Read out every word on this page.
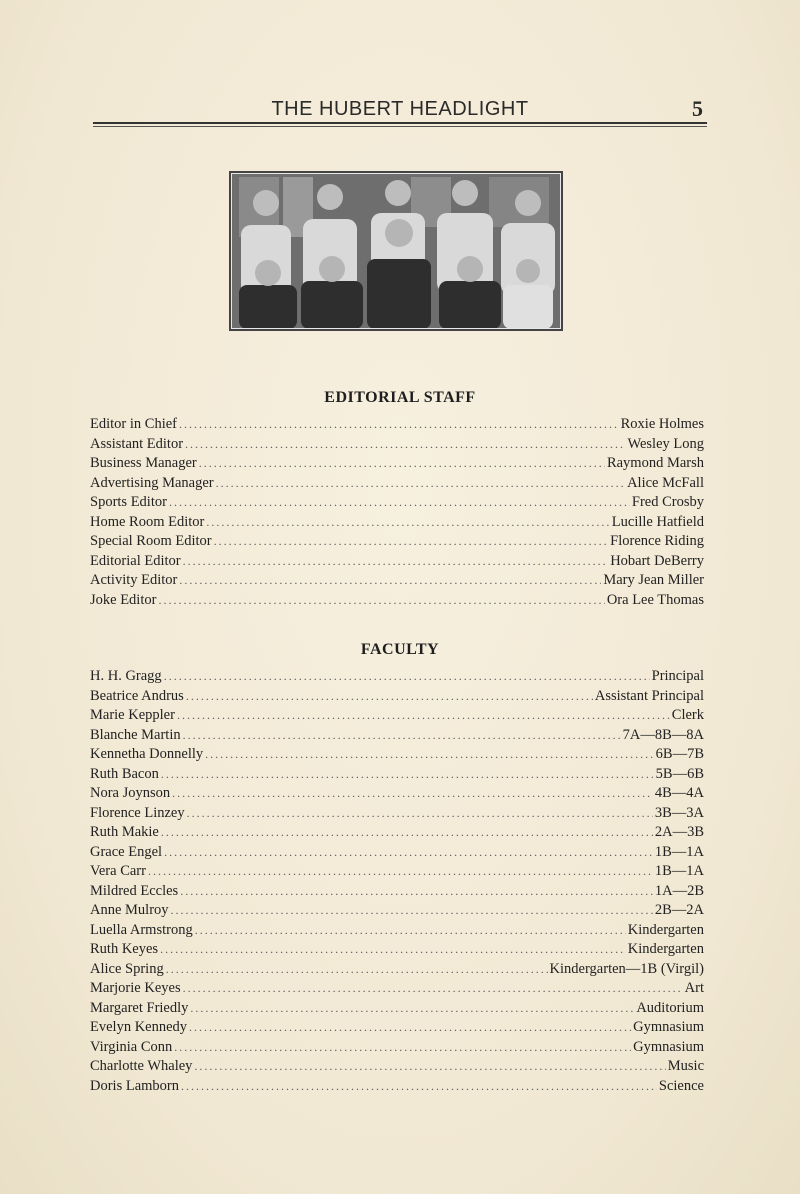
THE HUBERT HEADLIGHT	5
EDITORIAL STAFF
Editor in Chief .....	Roxie Holmes
Assistant Editor .....	Wesley Long
Business Manager .....	Raymond Marsh
Advertising Manager .....	Alice McFall
Sports Editor .....	Fred Crosby
Home Room Editor .....	Lucille Hatfield
Special Room Editor .....	Florence Riding
Editorial Editor .....	Hobart DeBerry
Activity Editor .....	Mary Jean Miller
Joke Editor .....	Ora Lee Thomas
FACULTY
H. H. Gragg .....	Principal
Beatrice Andrus .....	Assistant Principal
Marie Keppler .....	Clerk
Blanche Martin .....	7A—8B—8A
Kennetha Donnelly .....	6B—7B
Ruth Bacon .....	5B—6B
Nora Joynson .....	4B—4A
Florence Linzey .....	3B—3A
Ruth Makie .....	2A—3B
Grace Engel .....	1B—1A
Vera Carr .....	1B—1A
Mildred Eccles .....	1A—2B
Anne Mulroy .....	2B—2A
Luella Armstrong .....	Kindergarten
Ruth Keyes .....	Kindergarten
Alice Spring .....	Kindergarten—1B (Virgil)
Marjorie Keyes .....	Art
Margaret Friedly .....	Auditorium
Evelyn Kennedy .....	Gymnasium
Virginia Conn .....	Gymnasium
Charlotte Whaley .....	Music
Doris Lamborn .....	Science
